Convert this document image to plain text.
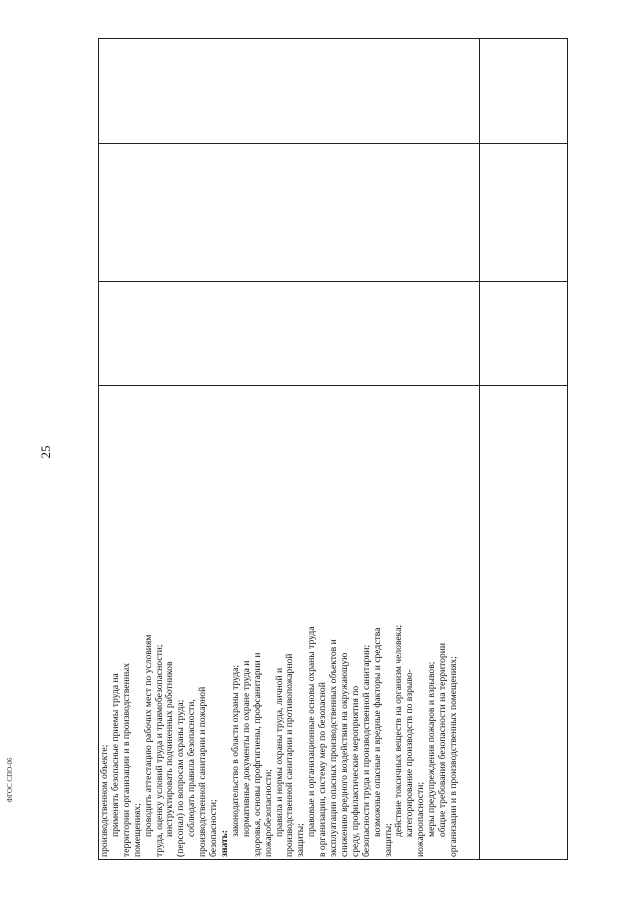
25
ФГОС СПО-06	производственном объекте; применять безопасные приемы труда на территории организации и в производственных помещениях; проводить аттестацию рабочих мест по условиям труда, оценку условий труда и травмобезопасности; инструктировать подчиненных работников (персонал) по вопросам охраны труда; соблюдать правила безопасности, производственной санитарии и пожарной безопасности; знать:

законодательство в области охраны труда; нормативные документы по охране труда и здоровья, основы профгигиены, профсанитарии и пожаробезопасности; правила и нормы охраны труда, личной и производственной санитарии и противопожарной защиты;

правовые и организационные основы охраны труда в организации, систему мер по безопасной эксплуатации опасных производственных объектов и снижению вредного воздействия на окружающую среду, профилактические мероприятия по безопасности труда и производственной санитарии; возможные опасные и вредные факторы и средства

защиты;

действие токсичных веществ на организм человека; категорирование производств по взрыво- иожароопасности; меры предупреждения пожаров и взрывов; общие требования безопасности на территории организации и в производственных помещениях;
